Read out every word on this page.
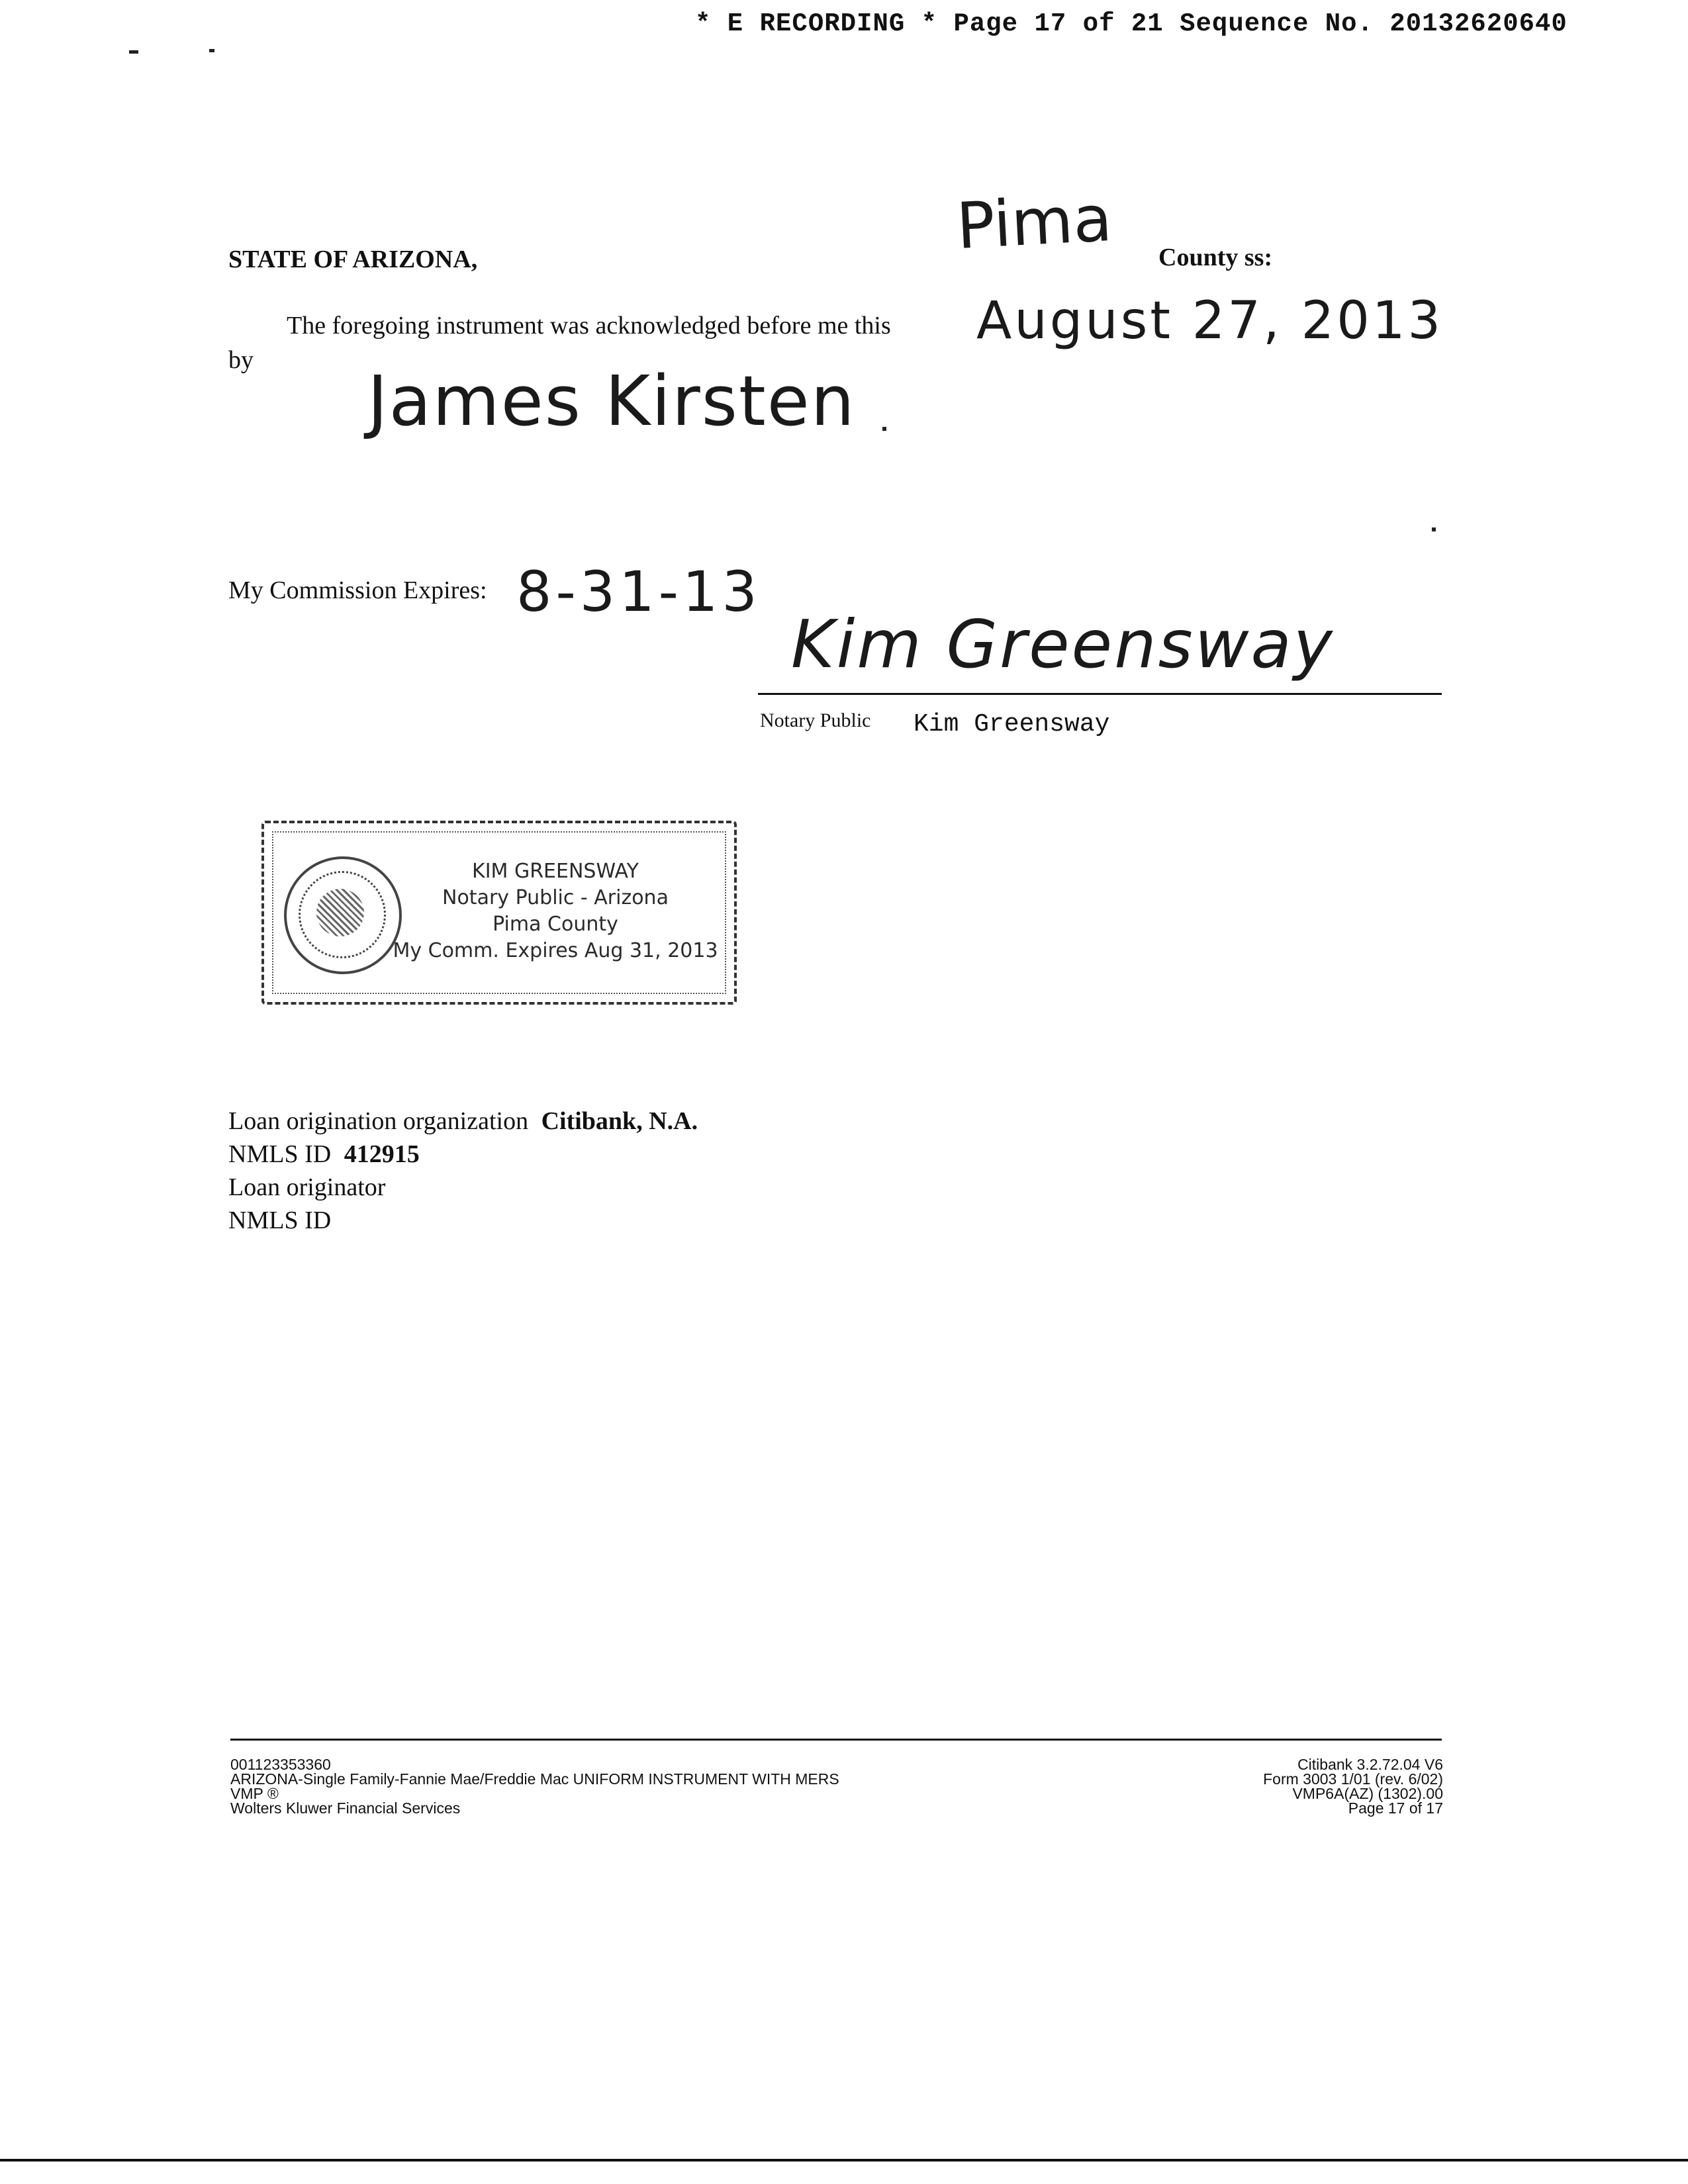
* E RECORDING * Page 17 of 21 Sequence No. 20132620640
STATE OF ARIZONA,	Pima County ss:
The foregoing instrument was acknowledged before me this August 27, 2013
by
James Kirsten
My Commission Expires: 8-31-13
Kim Greensway
Notary Public Kim Greensway
KIM GREENSWAY
Notary Public - Arizona
Pima County
My Comm. Expires Aug 31, 2013
Loan origination organization Citibank, N.A.
NMLS ID 412915
Loan originator
NMLS ID
001123353360
ARIZONA-Single Family-Fannie Mae/Freddie Mac UNIFORM INSTRUMENT WITH MERS
VMP ®
Wolters Kluwer Financial Services
Citibank 3.2.72.04 V6
Form 3003 1/01 (rev. 6/02)
VMP6A(AZ) (1302).00
Page 17 of 17
